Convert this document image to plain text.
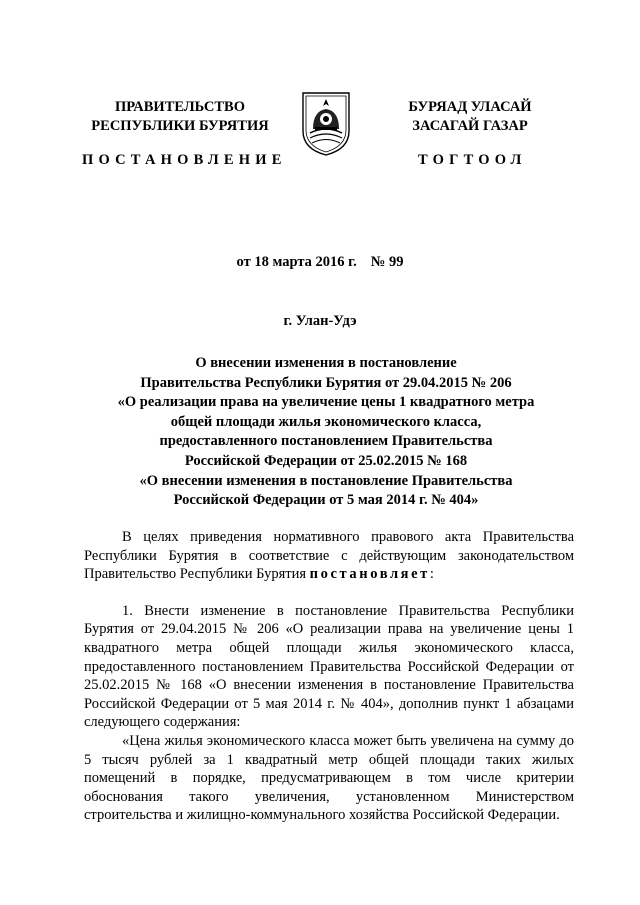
ПРАВИТЕЛЬСТВО
РЕСПУБЛИКИ БУРЯТИЯ
БУРЯАД УЛАСАЙ
ЗАСАГАЙ ГАЗАР
ПОСТАНОВЛЕНИЕ	ТОГТООЛ
от 18 марта 2016 г. № 99
г. Улан-Удэ
О внесении изменения в постановление
Правительства Республики Бурятия от 29.04.2015 № 206
«О реализации права на увеличение цены 1 квадратного метра
общей площади жилья экономического класса,
предоставленного постановлением Правительства
Российской Федерации от 25.02.2015 № 168
«О внесении изменения в постановление Правительства
Российской Федерации от 5 мая 2014 г. № 404»

В целях приведения нормативного правового акта Правительства Республики Бурятия в соответствие с действующим законодательством Правительство Республики Бурятия постановляет:

1. Внести изменение в постановление Правительства Республики Бурятия от 29.04.2015 № 206 «О реализации права на увеличение цены 1 квадратного метра общей площади жилья экономического класса, предоставленного постановлением Правительства Российской Федерации от 25.02.2015 № 168 «О внесении изменения в постановление Правительства Российской Федерации от 5 мая 2014 г. № 404», дополнив пункт 1 абзацами следующего содержания:

«Цена жилья экономического класса может быть увеличена на сумму до 5 тысяч рублей за 1 квадратный метр общей площади таких жилых помещений в порядке, предусматривающем в том числе критерии обоснования такого увеличения, установленном Министерством строительства и жилищно-коммунального хозяйства Российской Федерации.
